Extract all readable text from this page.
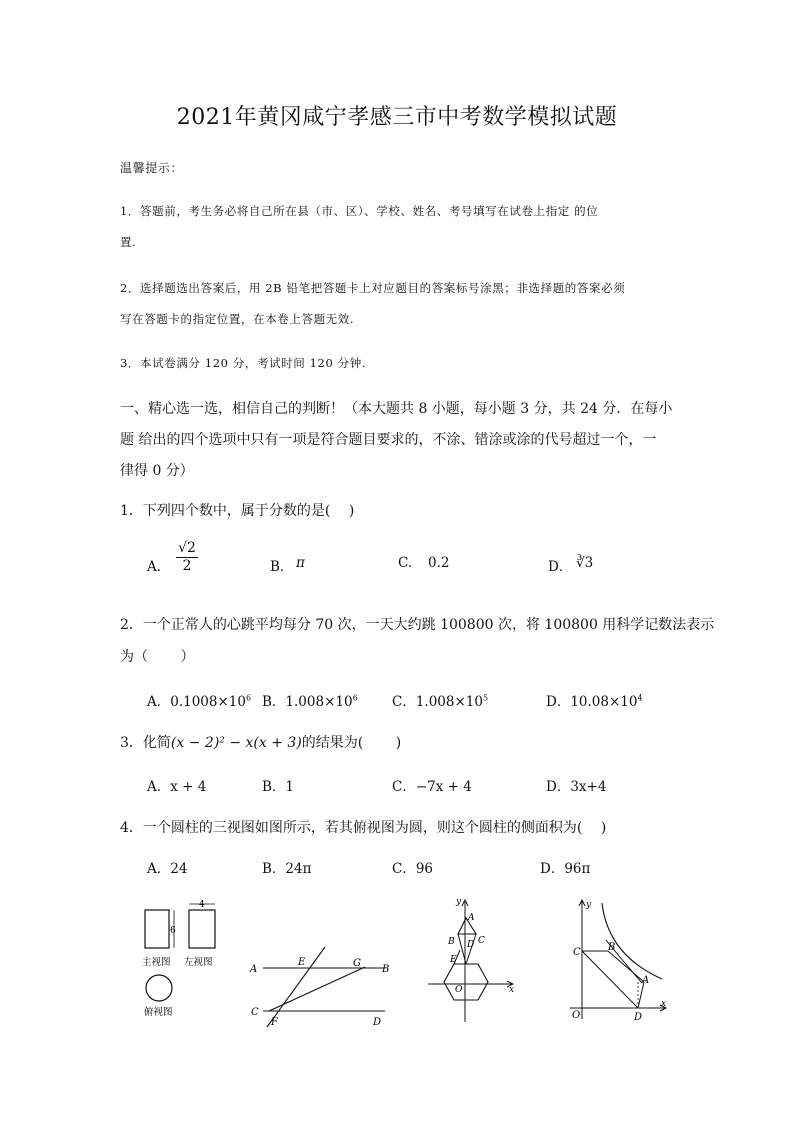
2021年黄冈咸宁孝感三市中考数学模拟试题
温馨提示：
1．答题前，考生务必将自己所在县（市、区）、学校、姓名、考号填写在试卷上指定 的位
置.
2．选择题选出答案后，用 2B 铅笔把答题卡上对应题目的答案标号涂黑；非选择题的答案必须
写在答题卡的指定位置，在本卷上答题无效.
3．本试卷满分 120 分，考试时间 120 分钟.
一、精心选一选，相信自己的判断！（本大题共 8 小题，每小题 3 分，共 24 分．在每小
题 给出的四个选项中只有一项是符合题目要求的，不涂、错涂或涂的代号超过一个，一
律得 0 分）
1．下列四个数中，属于分数的是(　 )
A． $\frac{√2}{2}$	B． π	C. 0.2	D． ∛3
2．一个正常人的心跳平均每分 70 次，一天大约跳 100800 次，将 100800 用科学记数法表示
为（　 　）
A．$0.1008\times 10^6$ B．$1.008\times 10^6$	C．$1.008\times 10^5$	D．$10.08\times 10^4$
3．化简(x − 2)² − x(x + 3)的结果为(　 　)
A．x + 4	B．1	C．−7x + 4	D．3x+4
4．一个圆柱的三视图如图所示，若其俯视图为圆，则这个圆柱的侧面积为(　 )
A．24	B．24π	C．96	D．96π
6
4
主视图 左视图
俯视图
A
E	G
B
C
F	D
y
x
A
B	C
D
E
O
y
x
C	B
A
D
O
